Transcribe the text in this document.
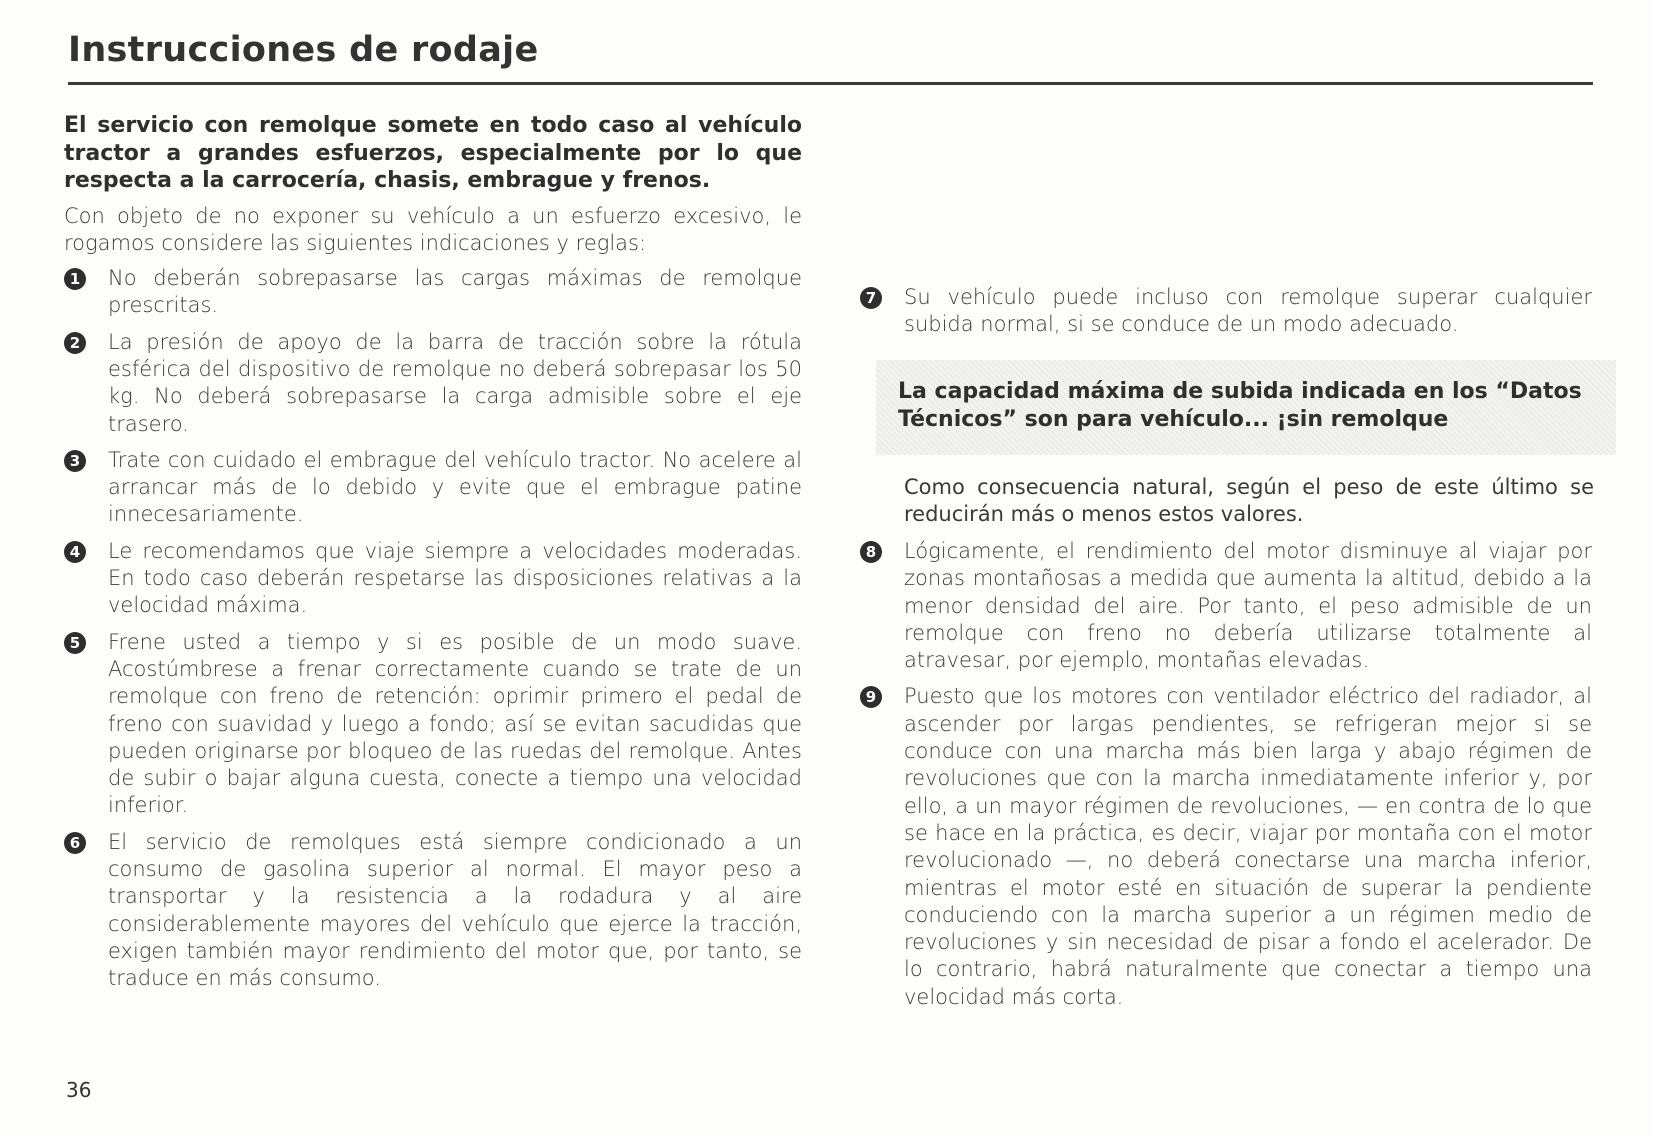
Instrucciones de rodaje

El servicio con remolque somete en todo caso al vehículo tractor a grandes esfuerzos, especialmente por lo que respecta a la carrocería, chasis, embrague y frenos.

Con objeto de no exponer su vehículo a un esfuerzo excesivo, le rogamos considere las siguientes indicaciones y reglas:

1 No deberán sobrepasarse las cargas máximas de remolque prescritas.
2 La presión de apoyo de la barra de tracción sobre la rótula esférica del dispositivo de remolque no deberá sobrepasar los 50 kg. No deberá sobrepasarse la carga admisible sobre el eje trasero.
3 Trate con cuidado el embrague del vehículo tractor. No acelere al arrancar más de lo debido y evite que el embrague patine innecesariamente.
4 Le recomendamos que viaje siempre a velocidades moderadas. En todo caso deberán respetarse las disposiciones relativas a la velocidad máxima.
5 Frene usted a tiempo y si es posible de un modo suave. Acostúmbrese a frenar correctamente cuando se trate de un remolque con freno de retención: oprimir primero el pedal de freno con suavidad y luego a fondo; así se evitan sacudidas que pueden originarse por bloqueo de las ruedas del remolque. Antes de subir o bajar alguna cuesta, conecte a tiempo una velocidad inferior.
6 El servicio de remolques está siempre condicionado a un consumo de gasolina superior al normal. El mayor peso a transportar y la resistencia a la rodadura y al aire considerablemente mayores del vehículo que ejerce la tracción, exigen también mayor rendimiento del motor que, por tanto, se traduce en más consumo.
7 Su vehículo puede incluso con remolque superar cualquier subida normal, si se conduce de un modo adecuado.

La capacidad máxima de subida indicada en los “Datos Técnicos” son para vehículo... ¡sin remolque

Como consecuencia natural, según el peso de este último se reducirán más o menos estos valores.

8 Lógicamente, el rendimiento del motor disminuye al viajar por zonas montañosas a medida que aumenta la altitud, debido a la menor densidad del aire. Por tanto, el peso admisible de un remolque con freno no debería utilizarse totalmente al atravesar, por ejemplo, montañas elevadas.
9 Puesto que los motores con ventilador eléctrico del radiador, al ascender por largas pendientes, se refrigeran mejor si se conduce con una marcha más bien larga y abajo régimen de revoluciones que con la marcha inmediatamente inferior y, por ello, a un mayor régimen de revoluciones, — en contra de lo que se hace en la práctica, es decir, viajar por montaña con el motor revolucionado —, no deberá conectarse una marcha inferior, mientras el motor esté en situación de superar la pendiente conduciendo con la marcha superior a un régimen medio de revoluciones y sin necesidad de pisar a fondo el acelerador. De lo contrario, habrá naturalmente que conectar a tiempo una velocidad más corta.
36
